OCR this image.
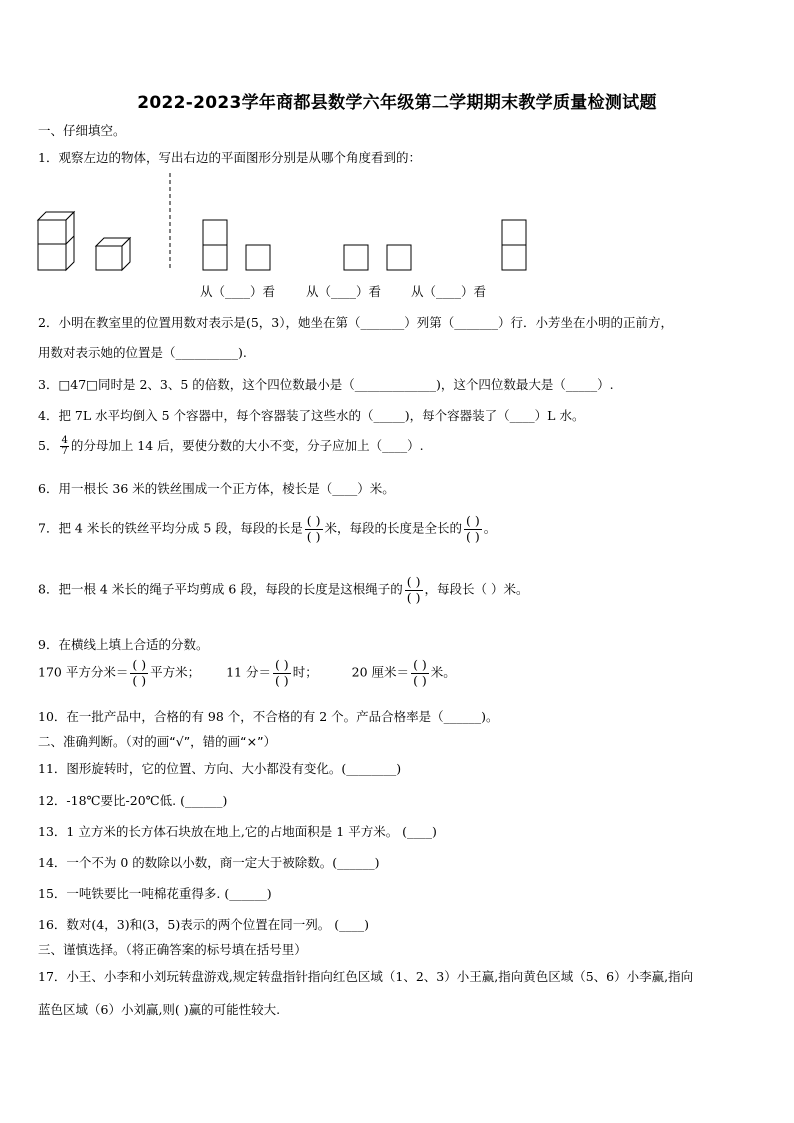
2022-2023学年商都县数学六年级第二学期期末教学质量检测试题
一、仔细填空。
1．观察左边的物体，写出右边的平面图形分别是从哪个角度看到的：
从（____）看 从（____）看 从（____）看
2．小明在教室里的位置用数对表示是(5，3），她坐在第（_______）列第（_______）行．小芳坐在小明的正前方，
用数对表示她的位置是（__________).
3．□47□同时是 2、3、5 的倍数，这个四位数最小是（_____________)，这个四位数最大是（_____）.
4．把 7L 水平均倒入 5 个容器中，每个容器装了这些水的（_____)，每个容器装了（____）L 水。
5． $\frac{4}{7}$ 的分母加上 14 后，要使分数的大小不变，分子应加上（____）.
6．用一根长 36 米的铁丝围成一个正方体，棱长是（____）米。
7．把 4 米长的铁丝平均分成 5 段，每段的长是 $\frac{( )}{( )}$ 米，每段的长度是全长的 $\frac{( )}{( )}$ 。
8．把一根 4 米长的绳子平均剪成 6 段，每段的长度是这根绳子的 $\frac{( )}{( )}$ ，每段长（ ）米。
9．在横线上填上合适的分数。
170 平方分米＝ $\frac{( )}{( )}$ 平方米； 11 分＝ $\frac{( )}{( )}$ 时；	20 厘米＝ $\frac{( )}{( )}$ 米。
10．在一批产品中，合格的有 98 个，不合格的有 2 个。产品合格率是（______)。
二、准确判断。（对的画“√”，错的画“×”）
11．图形旋转时，它的位置、方向、大小都没有变化。(________)
12．-18℃要比-20℃低. (______)
13．1 立方米的长方体石块放在地上,它的占地面积是 1 平方米。 (____)
14．一个不为 0 的数除以小数，商一定大于被除数。(______)
15．一吨铁要比一吨棉花重得多. (______)
16．数对(4，3)和(3，5)表示的两个位置在同一列。 (____)
三、谨慎选择。（将正确答案的标号填在括号里）
17．小王、小李和小刘玩转盘游戏,规定转盘指针指向红色区域（1、2、3）小王赢,指向黄色区域（5、6）小李赢,指向
蓝色区域（6）小刘赢,则( )赢的可能性较大.
